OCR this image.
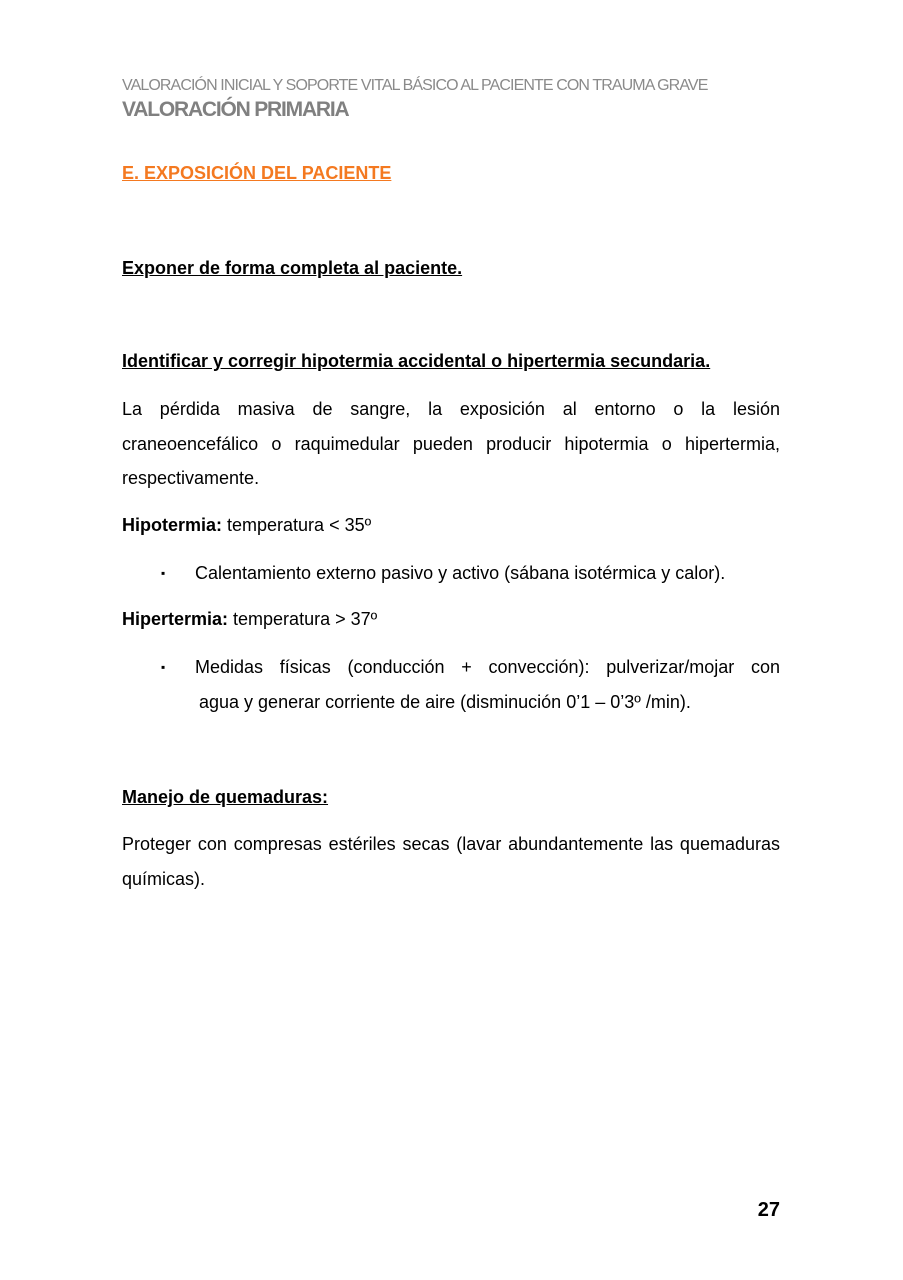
VALORACIÓN INICIAL Y SOPORTE VITAL BÁSICO AL PACIENTE CON TRAUMA GRAVE
VALORACIÓN PRIMARIA
E. EXPOSICIÓN DEL PACIENTE
Exponer de forma completa al paciente.
Identificar y corregir hipotermia accidental o hipertermia secundaria.
La pérdida masiva de sangre, la exposición al entorno o la lesión craneoencefálico o raquimedular pueden producir hipotermia o hipertermia, respectivamente.
Hipotermia: temperatura < 35º
▪ Calentamiento externo pasivo y activo (sábana isotérmica y calor).
Hipertermia: temperatura > 37º
▪ Medidas físicas (conducción + convección): pulverizar/mojar con
agua y generar corriente de aire (disminución 0’1 – 0’3º /min).
Manejo de quemaduras:
Proteger con compresas estériles secas (lavar abundantemente las quemaduras químicas).
27
